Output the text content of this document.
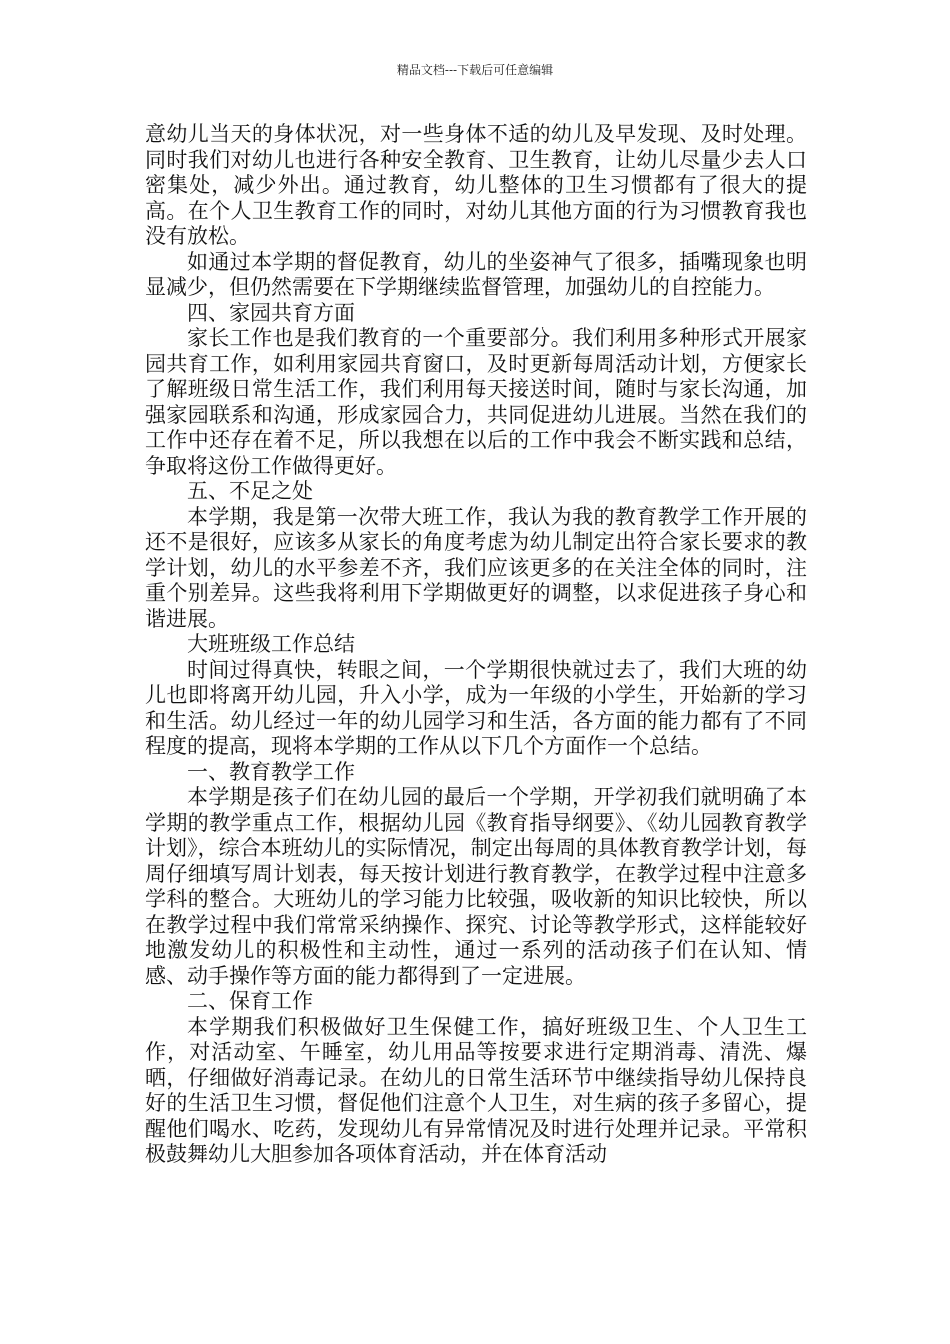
精品文档---下载后可任意编辑

意幼儿当天的身体状况，对一些身体不适的幼儿及早发现、及时处理。同时我们对幼儿也进行各种安全教育、卫生教育，让幼儿尽量少去人口密集处，减少外出。通过教育，幼儿整体的卫生习惯都有了很大的提高。在个人卫生教育工作的同时，对幼儿其他方面的行为习惯教育我也没有放松。

如通过本学期的督促教育，幼儿的坐姿神气了很多，插嘴现象也明显减少，但仍然需要在下学期继续监督管理，加强幼儿的自控能力。

四、家园共育方面

家长工作也是我们教育的一个重要部分。我们利用多种形式开展家园共育工作，如利用家园共育窗口，及时更新每周活动计划，方便家长了解班级日常生活工作，我们利用每天接送时间，随时与家长沟通，加强家园联系和沟通，形成家园合力，共同促进幼儿进展。当然在我们的工作中还存在着不足，所以我想在以后的工作中我会不断实践和总结，争取将这份工作做得更好。

五、不足之处

本学期，我是第一次带大班工作，我认为我的教育教学工作开展的还不是很好，应该多从家长的角度考虑为幼儿制定出符合家长要求的教学计划，幼儿的水平参差不齐，我们应该更多的在关注全体的同时，注重个别差异。这些我将利用下学期做更好的调整，以求促进孩子身心和谐进展。

大班班级工作总结

时间过得真快，转眼之间，一个学期很快就过去了，我们大班的幼儿也即将离开幼儿园，升入小学，成为一年级的小学生，开始新的学习和生活。幼儿经过一年的幼儿园学习和生活，各方面的能力都有了不同程度的提高，现将本学期的工作从以下几个方面作一个总结。

一、教育教学工作

本学期是孩子们在幼儿园的最后一个学期，开学初我们就明确了本学期的教学重点工作，根据幼儿园《教育指导纲要》、《幼儿园教育教学计划》，综合本班幼儿的实际情况，制定出每周的具体教育教学计划，每周仔细填写周计划表，每天按计划进行教育教学，在教学过程中注意多学科的整合。大班幼儿的学习能力比较强，吸收新的知识比较快，所以在教学过程中我们常常采纳操作、探究、讨论等教学形式，这样能较好地激发幼儿的积极性和主动性，通过一系列的活动孩子们在认知、情感、动手操作等方面的能力都得到了一定进展。

二、保育工作

本学期我们积极做好卫生保健工作，搞好班级卫生、个人卫生工作，对活动室、午睡室，幼儿用品等按要求进行定期消毒、清洗、爆晒，仔细做好消毒记录。在幼儿的日常生活环节中继续指导幼儿保持良好的生活卫生习惯，督促他们注意个人卫生，对生病的孩子多留心，提醒他们喝水、吃药，发现幼儿有异常情况及时进行处理并记录。平常积极鼓舞幼儿大胆参加各项体育活动，并在体育活动
